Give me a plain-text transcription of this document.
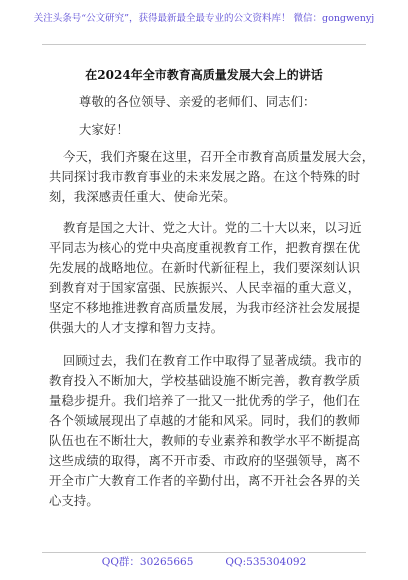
关注头条号“公文研究”，获得最新最全最专业的公文资料库！ 微信：gongwenyj
在2024年全市教育高质量发展大会上的讲话

尊敬的各位领导、亲爱的老师们、同志们：

大家好！

今天，我们齐聚在这里，召开全市教育高质量发展大会，
共同探讨我市教育事业的未来发展之路。在这个特殊的时
刻，我深感责任重大、使命光荣。
教育是国之大计、党之大计。党的二十大以来，以习近
平同志为核心的党中央高度重视教育工作，把教育摆在优
先发展的战略地位。在新时代新征程上，我们要深刻认识
到教育对于国家富强、民族振兴、人民幸福的重大意义，
坚定不移地推进教育高质量发展，为我市经济社会发展提
供强大的人才支撑和智力支持。
回顾过去，我们在教育工作中取得了显著成绩。我市的
教育投入不断加大，学校基础设施不断完善，教育教学质
量稳步提升。我们培养了一批又一批优秀的学子，他们在
各个领域展现出了卓越的才能和风采。同时，我们的教师
队伍也在不断壮大，教师的专业素养和教学水平不断提高
这些成绩的取得，离不开市委、市政府的坚强领导，离不
开全市广大教育工作者的辛勤付出，离不开社会各界的关
心支持。
QQ群：30265665	QQ:535304092
